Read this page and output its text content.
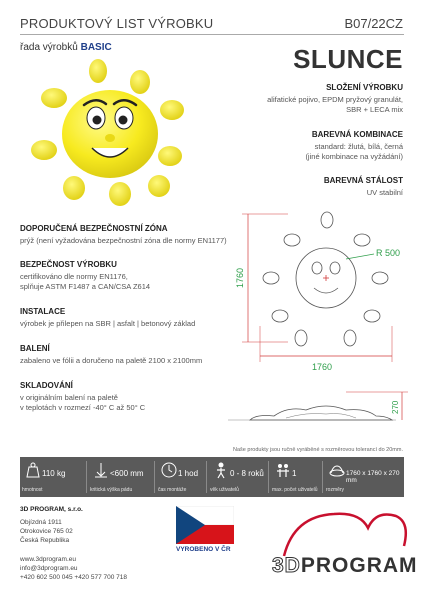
PRODUKTOVÝ LIST VÝROBKU	B07/22CZ
řada výrobků BASIC	SLUNCE
SLOŽENÍ VÝROBKU
alifatické pojivo, EPDM pryžový granulát,
SBR + LECA mix
BAREVNÁ KOMBINACE
standard: žlutá, bílá, černá
(jiné kombinace na vyžádání)
BAREVNÁ STÁLOST
UV stabilní
DOPORUČENÁ BEZPEČNOSTNÍ ZÓNA
prýž (není vyžadována bezpečnostní zóna dle normy EN1177)
BEZPEČNOST VÝROBKU
certifikováno dle normy EN1176,
splňuje ASTM F1487 a CAN/CSA Z614
INSTALACE
výrobek je přilepen na SBR | asfalt | betonový základ
BALENÍ
zabaleno ve fólii a doručeno na paletě 2100 x 2100mm
SKLADOVÁNÍ
v originálním balení na paletě
v teplotách v rozmezí -40° C až 50° C
R 500
1760
1760
270
Naše produkty jsou ručně vyráběné s rozměrovou tolerancí do 20mm.
110 kg
hmotnost
<600 mm
kritická výška pádu
1 hod
čas montáže
0 - 8 roků
věk uživatelů
1
max. počet uživatelů
1760 x 1760 x 270 mm
rozměry
3D PROGRAM, s.r.o.
Objízdná 1911
Otrokovice 765 02
Česká Republika
www.3dprogram.eu
info@3dprogram.eu
+420 602 500 045 +420 577 700 718
VYROBENO V ČR
3DPROGRAM
